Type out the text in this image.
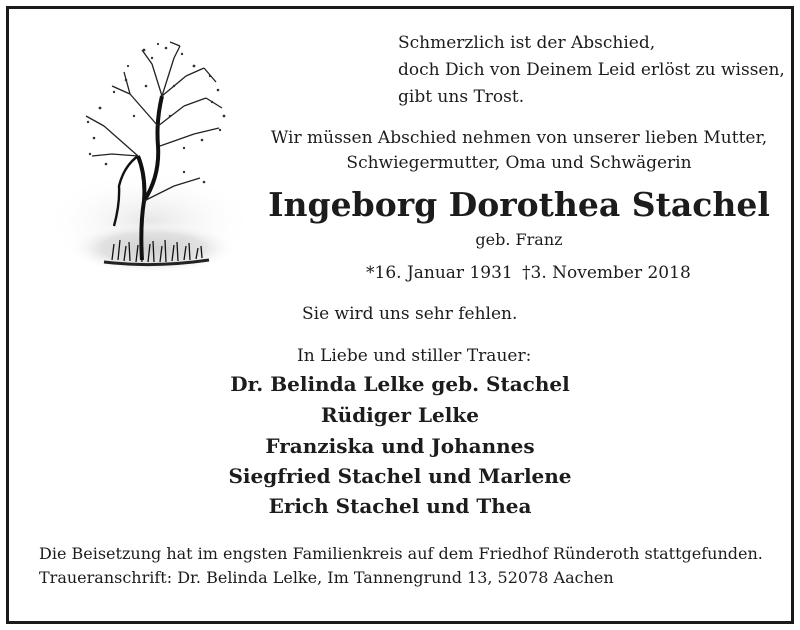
Schmerzlich ist der Abschied,
doch Dich von Deinem Leid erlöst zu wissen,
gibt uns Trost.
Wir müssen Abschied nehmen von unserer lieben Mutter,
Schwiegermutter, Oma und Schwägerin
Ingeborg Dorothea Stachel
geb. Franz
*16. Januar 1931 †3. November 2018
Sie wird uns sehr fehlen.
In Liebe und stiller Trauer:
Dr. Belinda Lelke geb. Stachel
Rüdiger Lelke
Franziska und Johannes
Siegfried Stachel und Marlene
Erich Stachel und Thea
Die Beisetzung hat im engsten Familienkreis auf dem Friedhof Ründeroth stattgefunden.
Traueranschrift: Dr. Belinda Lelke, Im Tannengrund 13, 52078 Aachen
